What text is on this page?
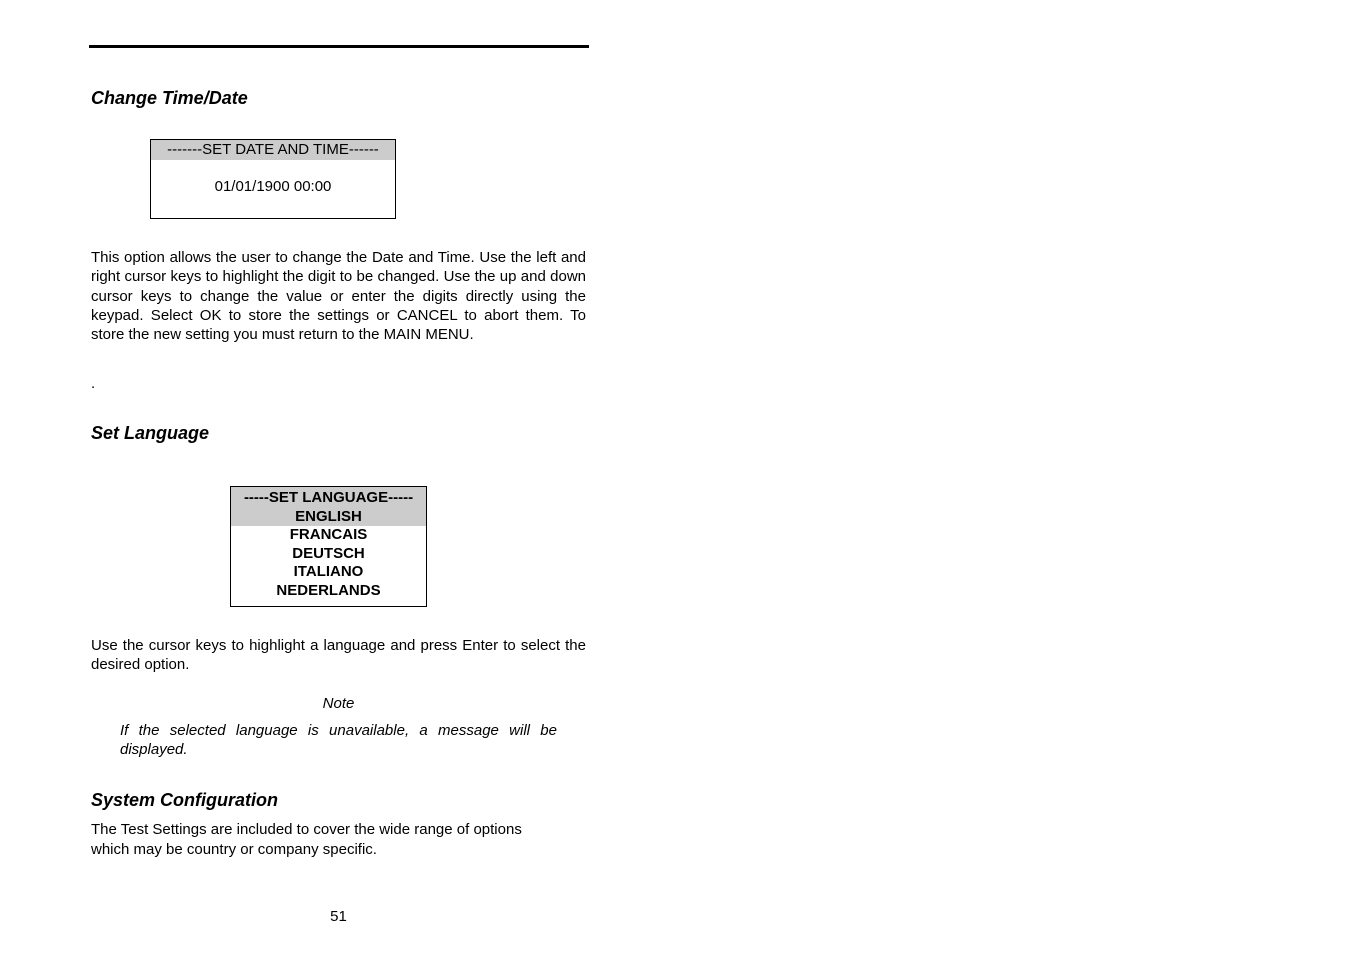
Change Time/Date
-------SET DATE AND TIME------
01/01/1900 00:00

This option allows the user to change the Date and Time. Use the left and right cursor keys to highlight the digit to be changed. Use the up and down cursor keys to change the value or enter the digits directly using the keypad. Select OK to store the settings or CANCEL to abort them. To store the new setting you must return to the MAIN MENU.

.
Set Language
-----SET LANGUAGE-----
ENGLISH
FRANCAIS
DEUTSCH
ITALIANO
NEDERLANDS

Use the cursor keys to highlight a language and press Enter to select the desired option.

Note

If the selected language is unavailable, a message will be displayed.

System Configuration
The Test Settings are included to cover the wide range of options
which may be country or company specific.
51
